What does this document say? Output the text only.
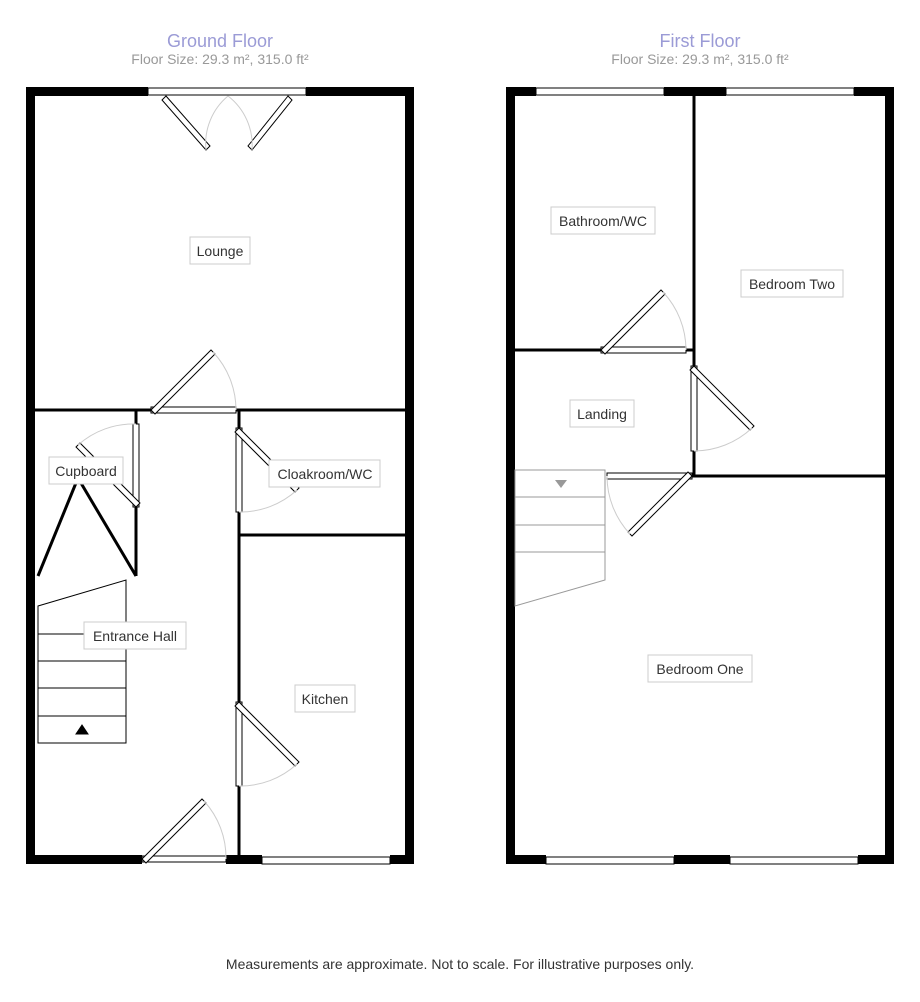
Ground Floor
Floor Size: 29.3 m², 315.0 ft²
First Floor
Floor Size: 29.3 m², 315.0 ft²
Lounge
Cupboard	Cloakroom/WC
Entrance Hall
Kitchen
Bathroom/WC
Bedroom Two
Landing
Bedroom One
Measurements are approximate. Not to scale. For illustrative purposes only.
